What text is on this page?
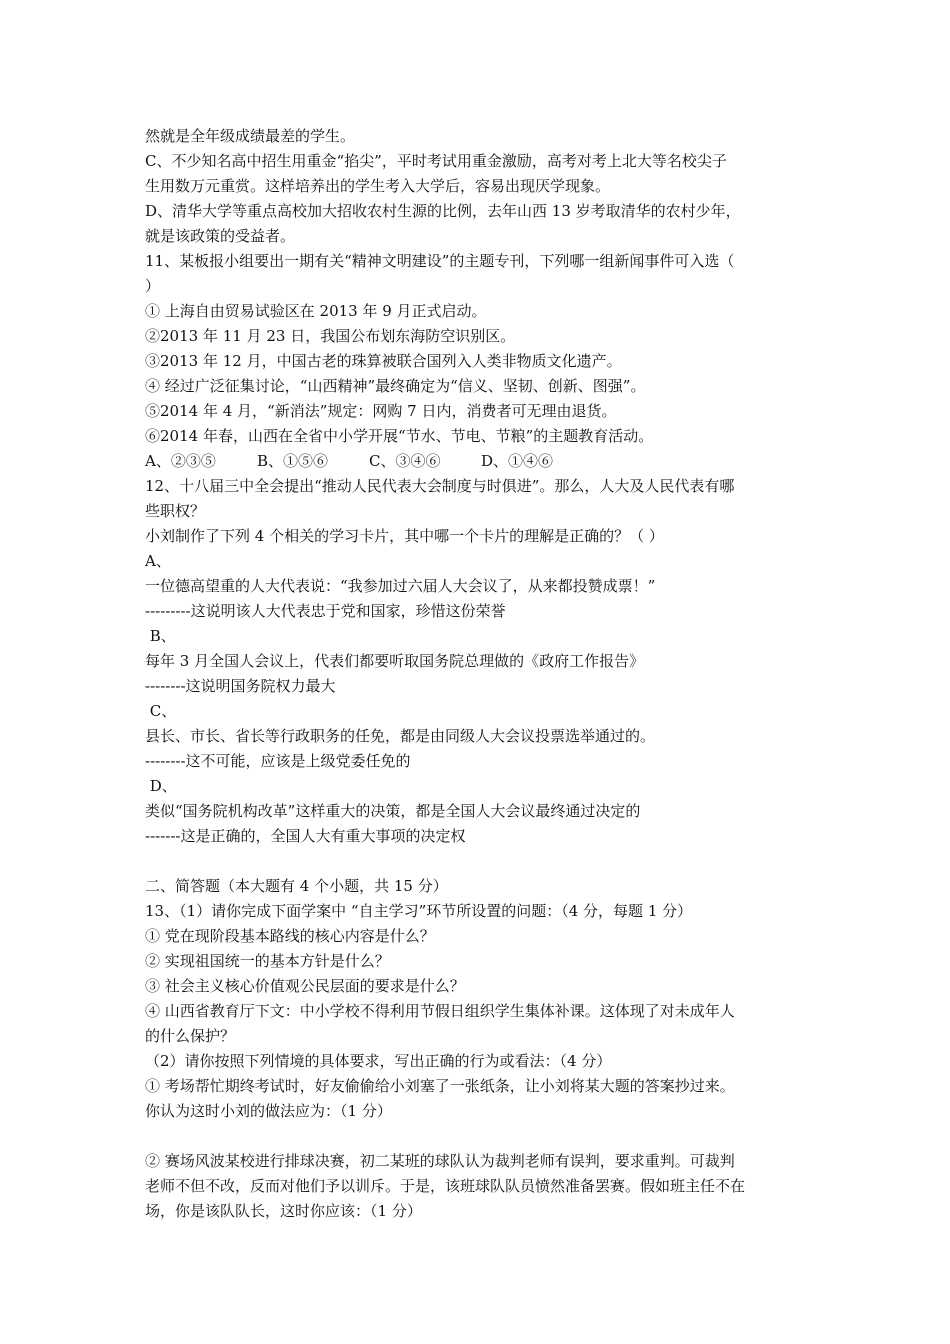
然就是全年级成绩最差的学生。
C、不少知名高中招生用重金“掐尖”，平时考试用重金激励，高考对考上北大等名校尖子
生用数万元重赏。这样培养出的学生考入大学后，容易出现厌学现象。
D、清华大学等重点高校加大招收农村生源的比例，去年山西 13 岁考取清华的农村少年，
就是该政策的受益者。
11、某板报小组要出一期有关“精神文明建设”的主题专刊，下列哪一组新闻事件可入选（
）
① 上海自由贸易试验区在 2013 年 9 月正式启动。
②2013 年 11 月 23 日，我国公布划东海防空识别区。
③2013 年 12 月，中国古老的珠算被联合国列入人类非物质文化遗产。
④ 经过广泛征集讨论，“山西精神”最终确定为“信义、坚韧、创新、图强”。
⑤2014 年 4 月，“新消法”规定：网购 7 日内，消费者可无理由退货。
⑥2014 年春，山西在全省中小学开展“节水、节电、节粮”的主题教育活动。
A、②③⑤	B、①⑤⑥	C、③④⑥	D、①④⑥
12、十八届三中全会提出“推动人民代表大会制度与时俱进”。那么，人大及人民代表有哪
些职权？
小刘制作了下列 4 个相关的学习卡片，其中哪一个卡片的理解是正确的？（ ）
A、
一位德高望重的人大代表说：“我参加过六届人大会议了，从来都投赞成票！”
---------这说明该人大代表忠于党和国家，珍惜这份荣誉
B、
每年 3 月全国人会议上，代表们都要听取国务院总理做的《政府工作报告》
--------这说明国务院权力最大
C、
县长、市长、省长等行政职务的任免，都是由同级人大会议投票选举通过的。
--------这不可能，应该是上级党委任免的
D、
类似“国务院机构改革”这样重大的决策，都是全国人大会议最终通过决定的
-------这是正确的，全国人大有重大事项的决定权
二、简答题（本大题有 4 个小题，共 15 分）
13、（1）请你完成下面学案中 “自主学习”环节所设置的问题：（4 分，每题 1 分）
① 党在现阶段基本路线的核心内容是什么？
② 实现祖国统一的基本方针是什么？
③ 社会主义核心价值观公民层面的要求是什么？
④ 山西省教育厅下文：中小学校不得利用节假日组织学生集体补课。这体现了对未成年人
的什么保护？
（2）请你按照下列情境的具体要求，写出正确的行为或看法：（4 分）
① 考场帮忙期终考试时，好友偷偷给小刘塞了一张纸条，让小刘将某大题的答案抄过来。
你认为这时小刘的做法应为：（1 分）
② 赛场风波某校进行排球决赛，初二某班的球队认为裁判老师有误判，要求重判。可裁判
老师不但不改，反而对他们予以训斥。于是，该班球队队员愤然准备罢赛。假如班主任不在
场，你是该队队长，这时你应该：（1 分）
